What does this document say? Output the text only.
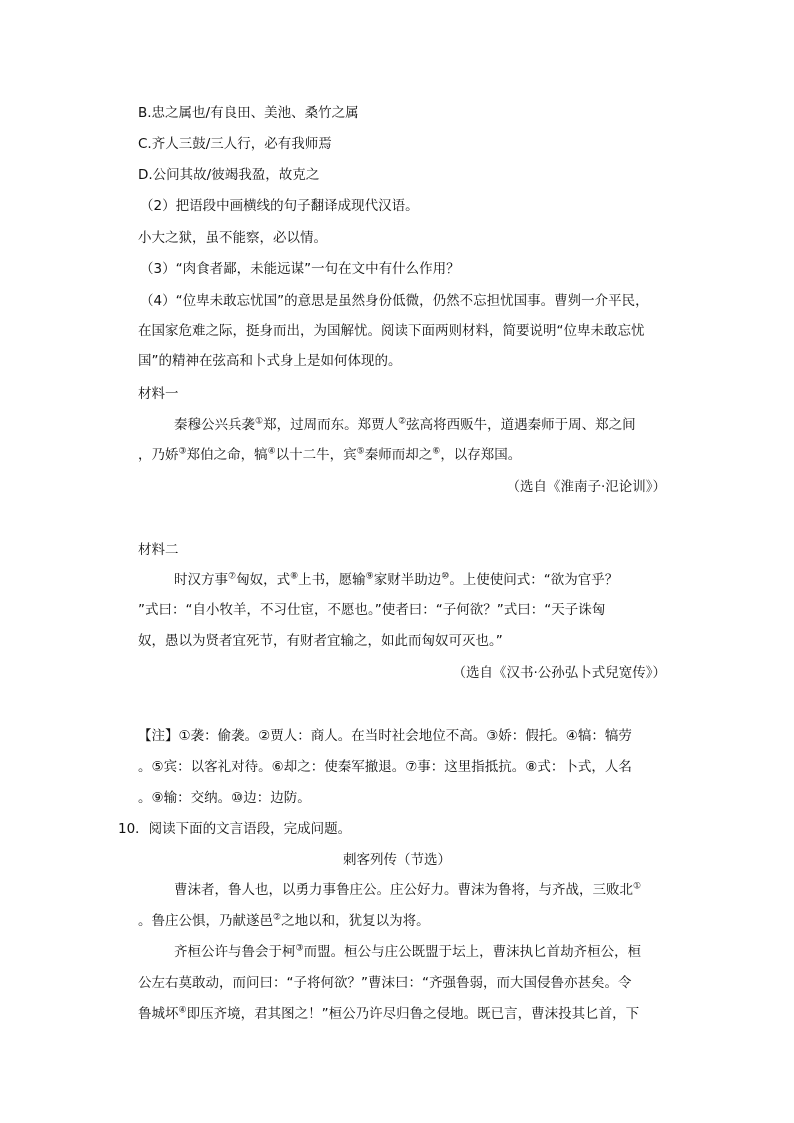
B.忠之属也/有良田、美池、桑竹之属
C.齐人三鼓/三人行，必有我师焉
D.公问其故/彼竭我盈，故克之
（2）把语段中画横线的句子翻译成现代汉语。
小大之狱，虽不能察，必以情。
（3）“肉食者鄙，未能远谋”一句在文中有什么作用？
（4）“位卑未敢忘忧国”的意思是虽然身份低微，仍然不忘担忧国事。曹刿一介平民，
在国家危难之际，挺身而出，为国解忧。阅读下面两则材料，简要说明“位卑未敢忘忧
国”的精神在弦高和卜式身上是如何体现的。
材料一
秦穆公兴兵袭①郑，过周而东。郑贾人②弦高将西贩牛，道遇秦师于周、郑之间
，乃娇③郑伯之命，犒④以十二牛，宾⑤秦师而却之⑥，以存郑国。
（选自《淮南子·氾论训》）
材料二
时汉方事⑦匈奴，式⑧上书，愿输⑨家财半助边⑩。上使使问式：“欲为官乎？
”式曰：“自小牧羊，不习仕宦，不愿也。”使者曰：“子何欲？”式曰：“天子诛匈
奴，愚以为贤者宜死节，有财者宜输之，如此而匈奴可灭也。”
（选自《汉书·公孙弘卜式兒宽传》）
【注】①袭：偷袭。②贾人：商人。在当时社会地位不高。③娇：假托。④犒：犒劳
。⑤宾：以客礼对待。⑥却之：使秦军撤退。⑦事：这里指抵抗。⑧式：卜式，人名
。⑨输：交纳。⑩边：边防。
10．阅读下面的文言语段，完成问题。
刺客列传（节选）
曹沫者，鲁人也，以勇力事鲁庄公。庄公好力。曹沫为鲁将，与齐战，三败北①
。鲁庄公惧，乃献遂邑②之地以和，犹复以为将。
齐桓公许与鲁会于柯③而盟。桓公与庄公既盟于坛上，曹沫执匕首劫齐桓公，桓
公左右莫敢动，而问曰：“子将何欲？”曹沫曰：“齐强鲁弱，而大国侵鲁亦甚矣。令
鲁城坏④即压齐境，君其图之！”桓公乃许尽归鲁之侵地。既已言，曹沫投其匕首，下
